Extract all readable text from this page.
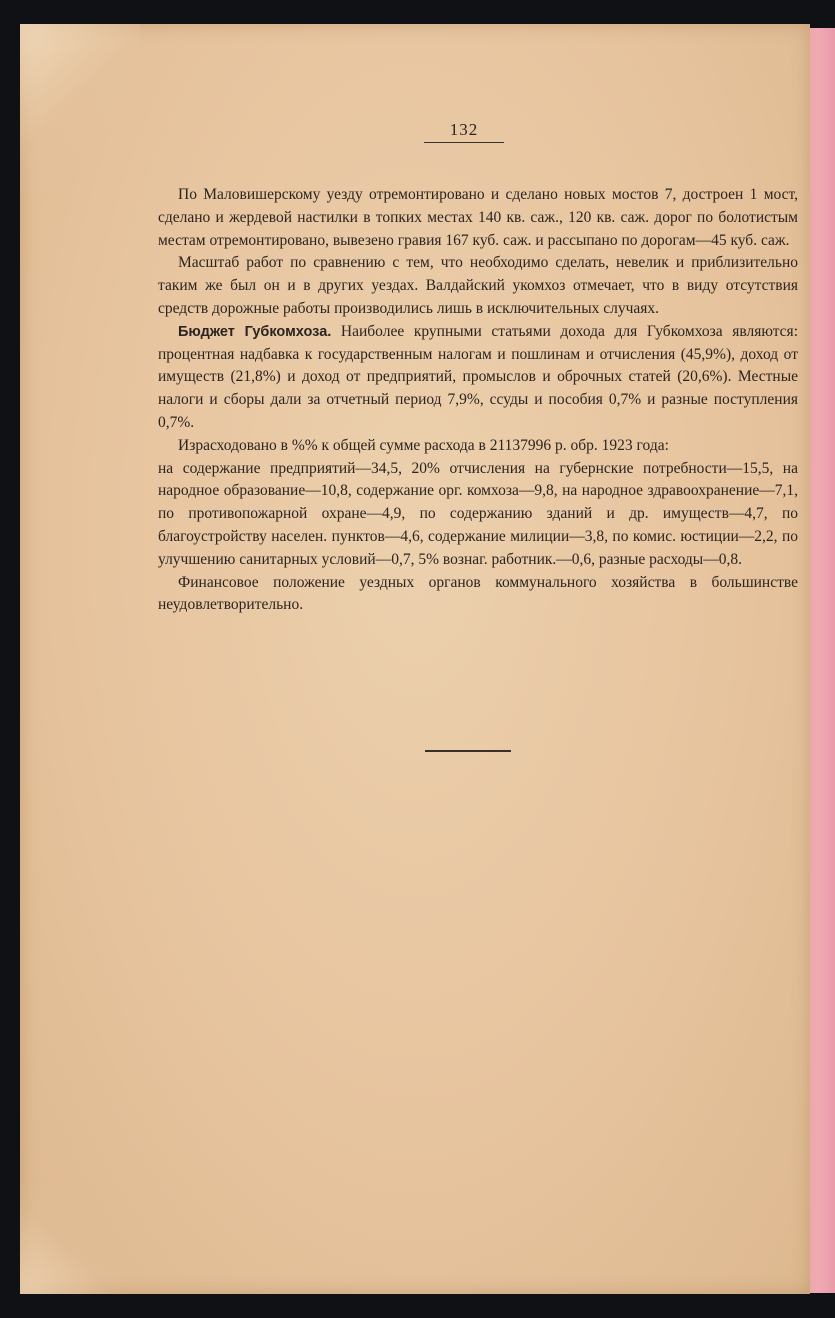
132

По Маловишерскому уезду отремонтировано и сделано новых мостов 7, достроен 1 мост, сделано и жердевой настилки в топких местах 140 кв. саж., 120 кв. саж. дорог по болотистым местам отремонтировано, вывезено гравия 167 куб. саж. и рассыпано по дорогам—45 куб. саж.

Масштаб работ по сравнению с тем, что необходимо сделать, невелик и приблизительно таким же был он и в других уездах. Валдайский укомхоз отмечает, что в виду отсутствия средств дорожные работы производились лишь в исключительных случаях.

Бюджет Губкомхоза. Наиболее крупными статьями дохода для Губкомхоза являются: процентная надбавка к государственным налогам и пошлинам и отчисления (45,9%), доход от имуществ (21,8%) и доход от предприятий, промыслов и оброчных статей (20,6%). Местные налоги и сборы дали за отчетный период 7,9%, ссуды и пособия 0,7% и разные поступления 0,7%.

Израсходовано в %% к общей сумме расхода в 21137996 р. обр. 1923 года:

на содержание предприятий—34,5, 20% отчисления на губернские потребности—15,5, на народное образование—10,8, содержание орг. комхоза—9,8, на народное здравоохранение—7,1, по противопожарной охране—4,9, по содержанию зданий и др. имуществ—4,7, по благоустройству населен. пунктов—4,6, содержание милиции—3,8, по комис. юстиции—2,2, по улучшению санитарных условий—0,7, 5% вознаг. работник.—0,6, разные расходы—0,8.

Финансовое положение уездных органов коммунального хозяйства в большинстве неудовлетворительно.
